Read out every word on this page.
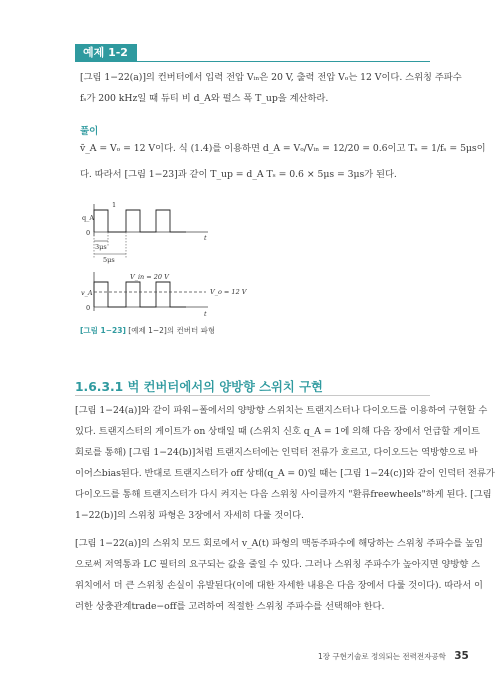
예제 1-2
[그림 1−22(a)]의 컨버터에서 입력 전압 Vᵢₙ은 20 V, 출력 전압 Vₒ는 12 V이다. 스위칭 주파수
fₛ가 200 kHz일 때 듀티 비 d_A와 펄스 폭 T_up을 계산하라.
풀이
v̄_A = Vₒ = 12 V이다. 식 (1.4)를 이용하면 d_A = Vₒ/Vᵢₙ = 12/20 = 0.6이고 Tₛ = 1/fₛ = 5μs이
다. 따라서 [그림 1−23]과 같이 T_up = d_A Tₛ = 0.6 × 5μs = 3μs가 된다.
q_A
1
0
t
3μs
5μs
V_in = 20 V
V_o = 12 V
v_A
0
t
[그림 1−23] [예제 1−2]의 컨버터 파형
1.6.3.1 벅 컨버터에서의 양방향 스위치 구현
[그림 1−24(a)]와 같이 파워−폴에서의 양방향 스위치는 트랜지스터나 다이오드를 이용하여 구현할 수
있다. 트랜지스터의 게이트가 on 상태일 때 (스위치 신호 q_A = 1에 의해 다음 장에서 언급할 게이트
회로를 통해) [그림 1−24(b)]처럼 트랜지스터에는 인덕터 전류가 흐르고, 다이오드는 역방향으로 바
이어스bias된다. 반대로 트랜지스터가 off 상태(q_A = 0)일 때는 [그림 1−24(c)]와 같이 인덕터 전류가
다이오드를 통해 트랜지스터가 다시 켜지는 다음 스위칭 사이클까지 "환류freewheels"하게 된다. [그림
1−22(b)]의 스위칭 파형은 3장에서 자세히 다룰 것이다.
[그림 1−22(a)]의 스위치 모드 회로에서 v_A(t) 파형의 맥동주파수에 해당하는 스위칭 주파수를 높임
으로써 저역통과 LC 필터의 요구되는 값을 줄일 수 있다. 그러나 스위칭 주파수가 높아지면 양방향 스
위치에서 더 큰 스위칭 손실이 유발된다(이에 대한 자세한 내용은 다음 장에서 다룰 것이다). 따라서 이
러한 상충관계trade−off를 고려하여 적절한 스위칭 주파수를 선택해야 한다.
1장 구현기술로 정의되는 전력전자공학 35
